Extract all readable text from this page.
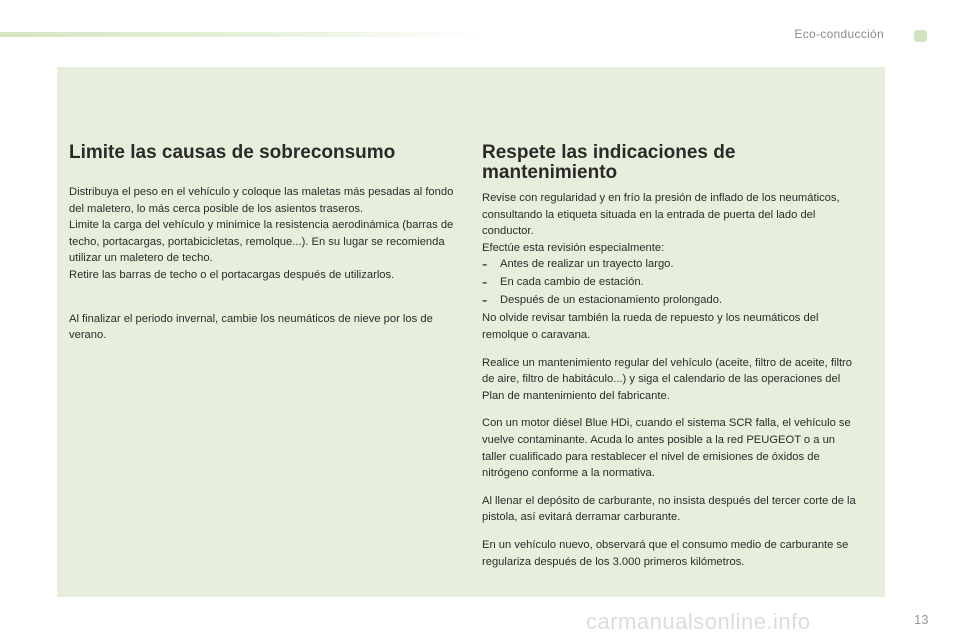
Eco-conducción
Limite las causas de sobreconsumo

Distribuya el peso en el vehículo y coloque las maletas más pesadas al fondo del maletero, lo más cerca posible de los asientos traseros.

Limite la carga del vehículo y minimice la resistencia aerodinámica (barras de techo, portacargas, portabicicletas, remolque...). En su lugar se recomienda utilizar un maletero de techo.

Retire las barras de techo o el portacargas después de utilizarlos.

Al finalizar el periodo invernal, cambie los neumáticos de nieve por los de verano.

Respete las indicaciones de mantenimiento

Revise con regularidad y en frío la presión de inflado de los neumáticos, consultando la etiqueta situada en la entrada de puerta del lado del conductor.

Efectúe esta revisión especialmente:

-	Antes de realizar un trayecto largo.

-	En cada cambio de estación.

-	Después de un estacionamiento prolongado.

No olvide revisar también la rueda de repuesto y los neumáticos del remolque o caravana.

Realice un mantenimiento regular del vehículo (aceite, filtro de aceite, filtro de aire, filtro de habitáculo...) y siga el calendario de las operaciones del Plan de mantenimiento del fabricante.

Con un motor diésel Blue HDi, cuando el sistema SCR falla, el vehículo se vuelve contaminante. Acuda lo antes posible a la red PEUGEOT o a un taller cualificado para restablecer el nivel de emisiones de óxidos de nitrógeno conforme a la normativa.

Al llenar el depósito de carburante, no insista después del tercer corte de la pistola, así evitará derramar carburante.

En un vehículo nuevo, observará que el consumo medio de carburante se regulariza después de los 3.000 primeros kilómetros.

carmanualsonline.info	13
